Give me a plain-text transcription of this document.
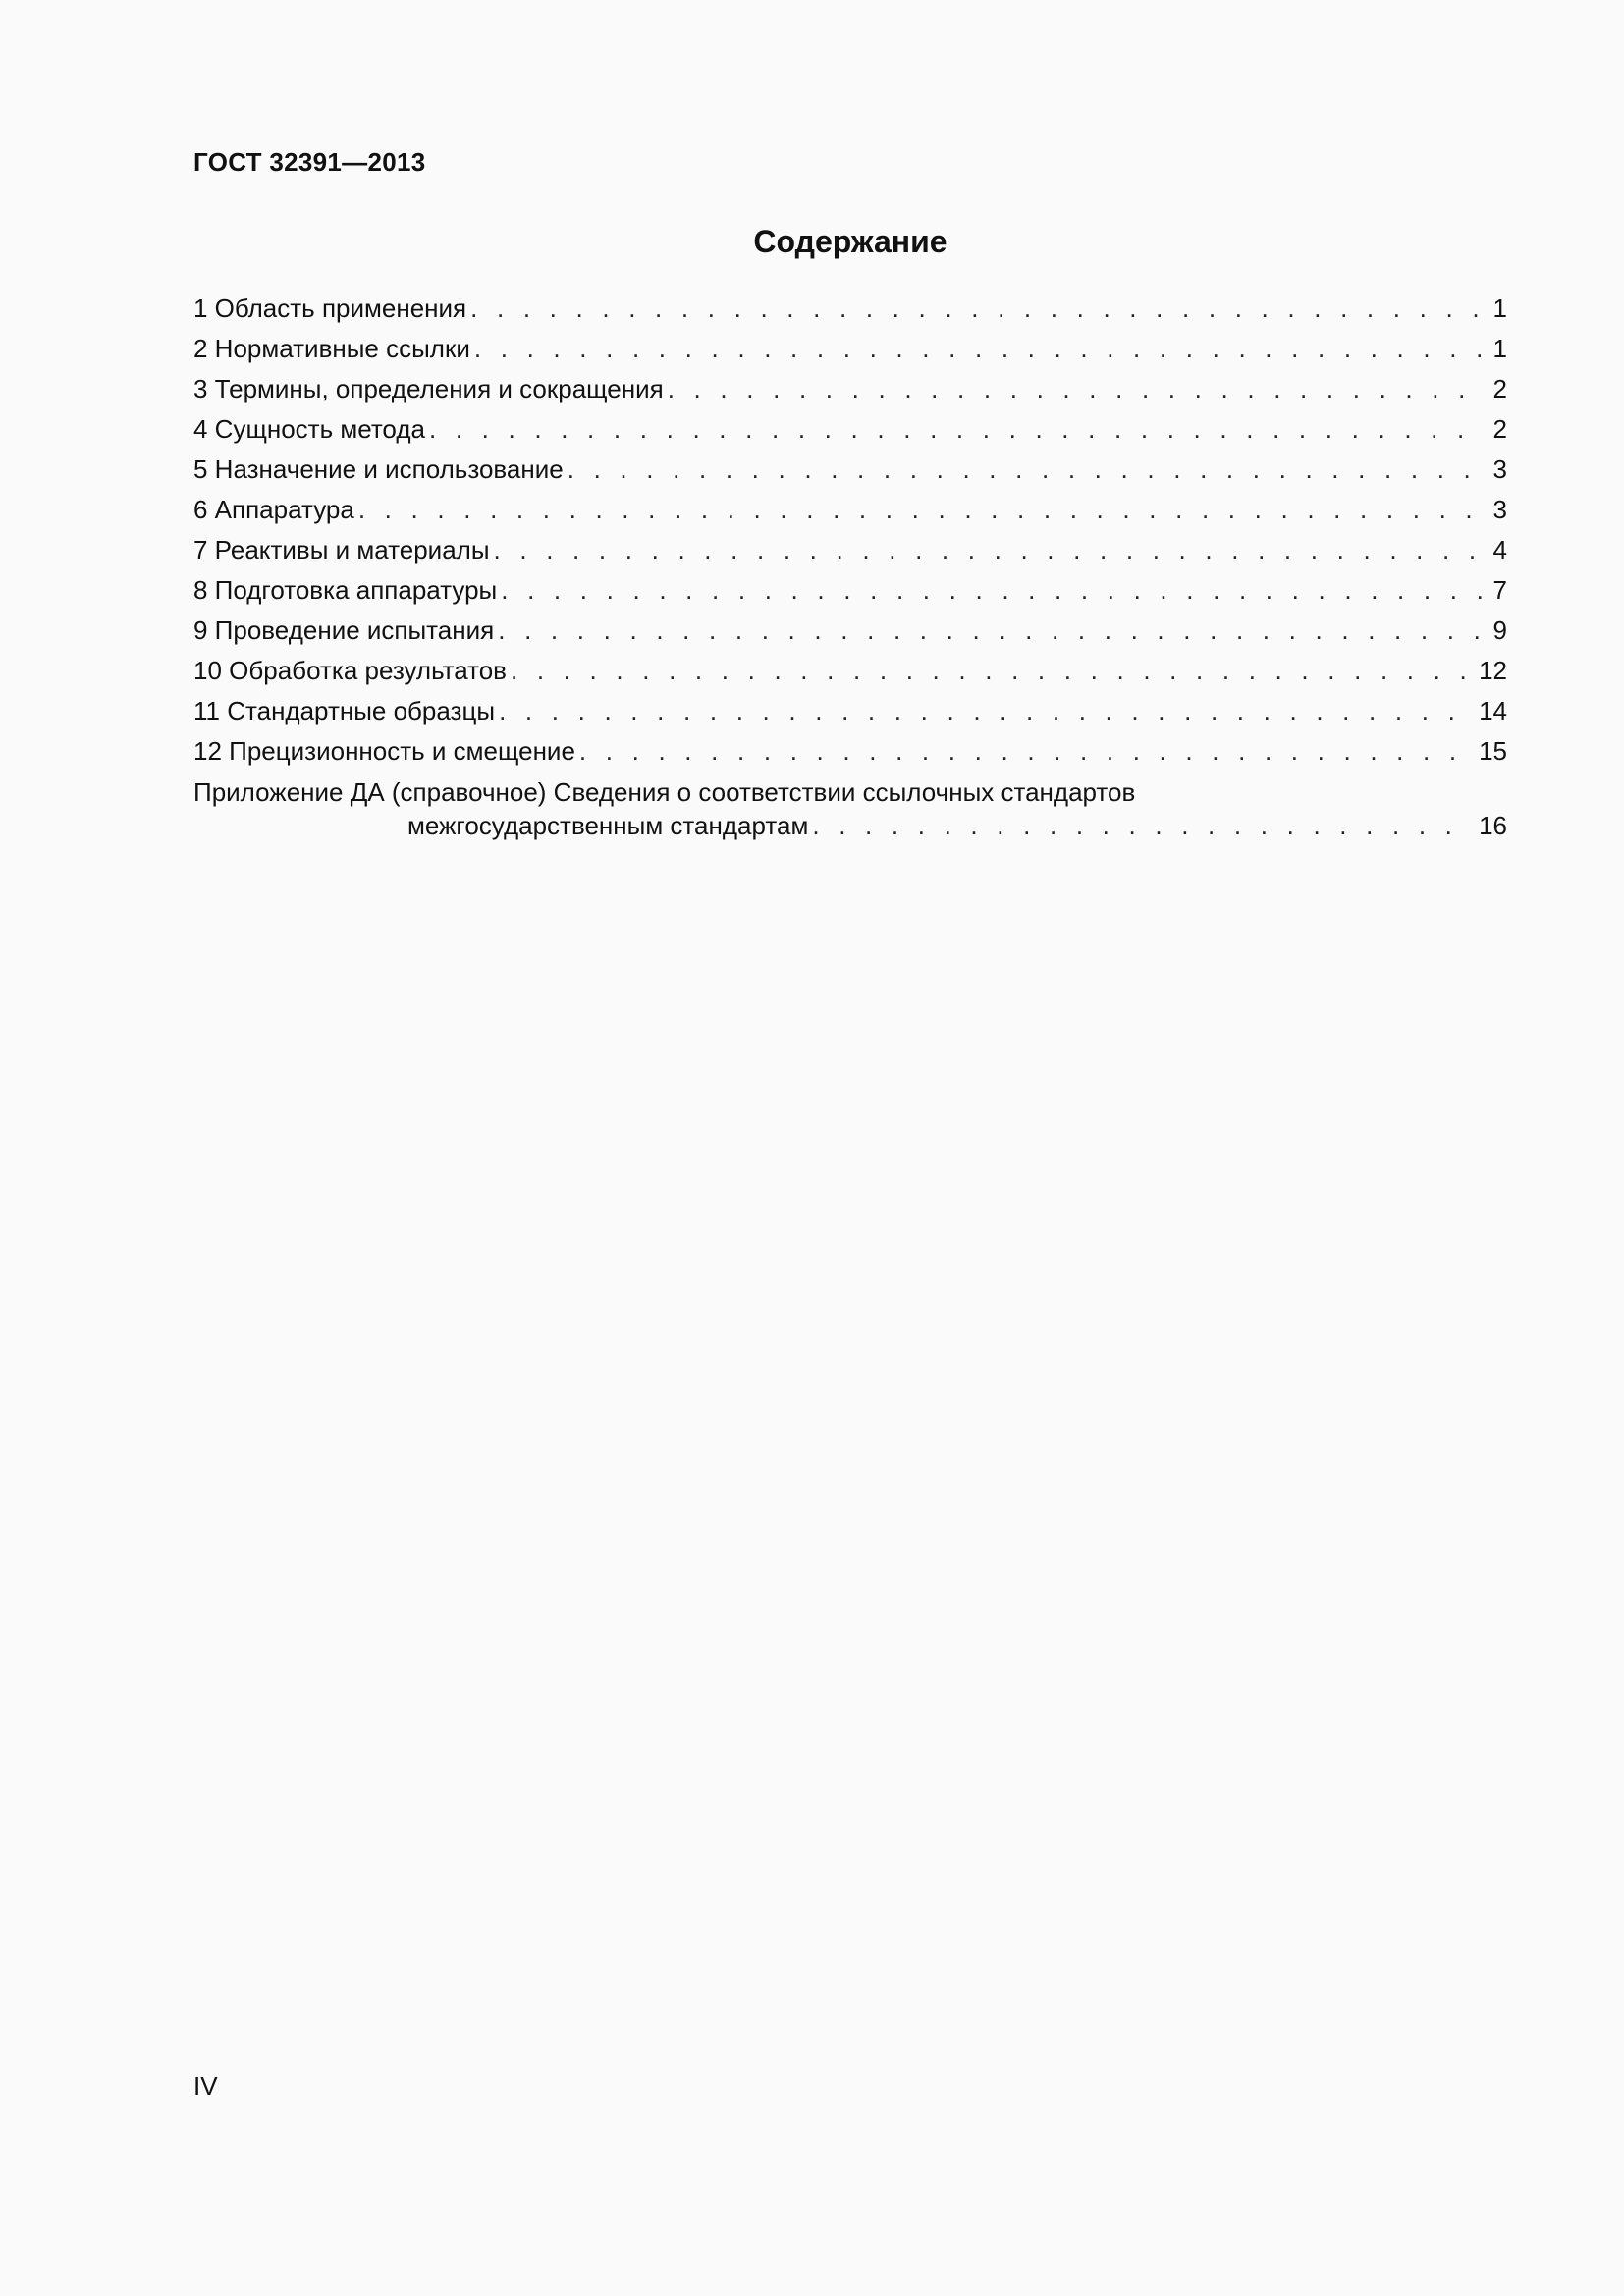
ГОСТ 32391—2013
Содержание
1 Область применения . . .	1
2 Нормативные ссылки . . .	1
3 Термины, определения и сокращения . . .	2
4 Сущность метода . . .	2
5 Назначение и использование . . .	3
6 Аппаратура . . .	3
7 Реактивы и материалы . . .	4
8 Подготовка аппаратуры . . .	7
9 Проведение испытания . . .	9
10 Обработка результатов . . .	12
11 Стандартные образцы . . .	14
12 Прецизионность и смещение . . .	15
Приложение ДА (справочное) Сведения о соответствии ссылочных стандартов
межгосударственным стандартам . . .	16
IV
